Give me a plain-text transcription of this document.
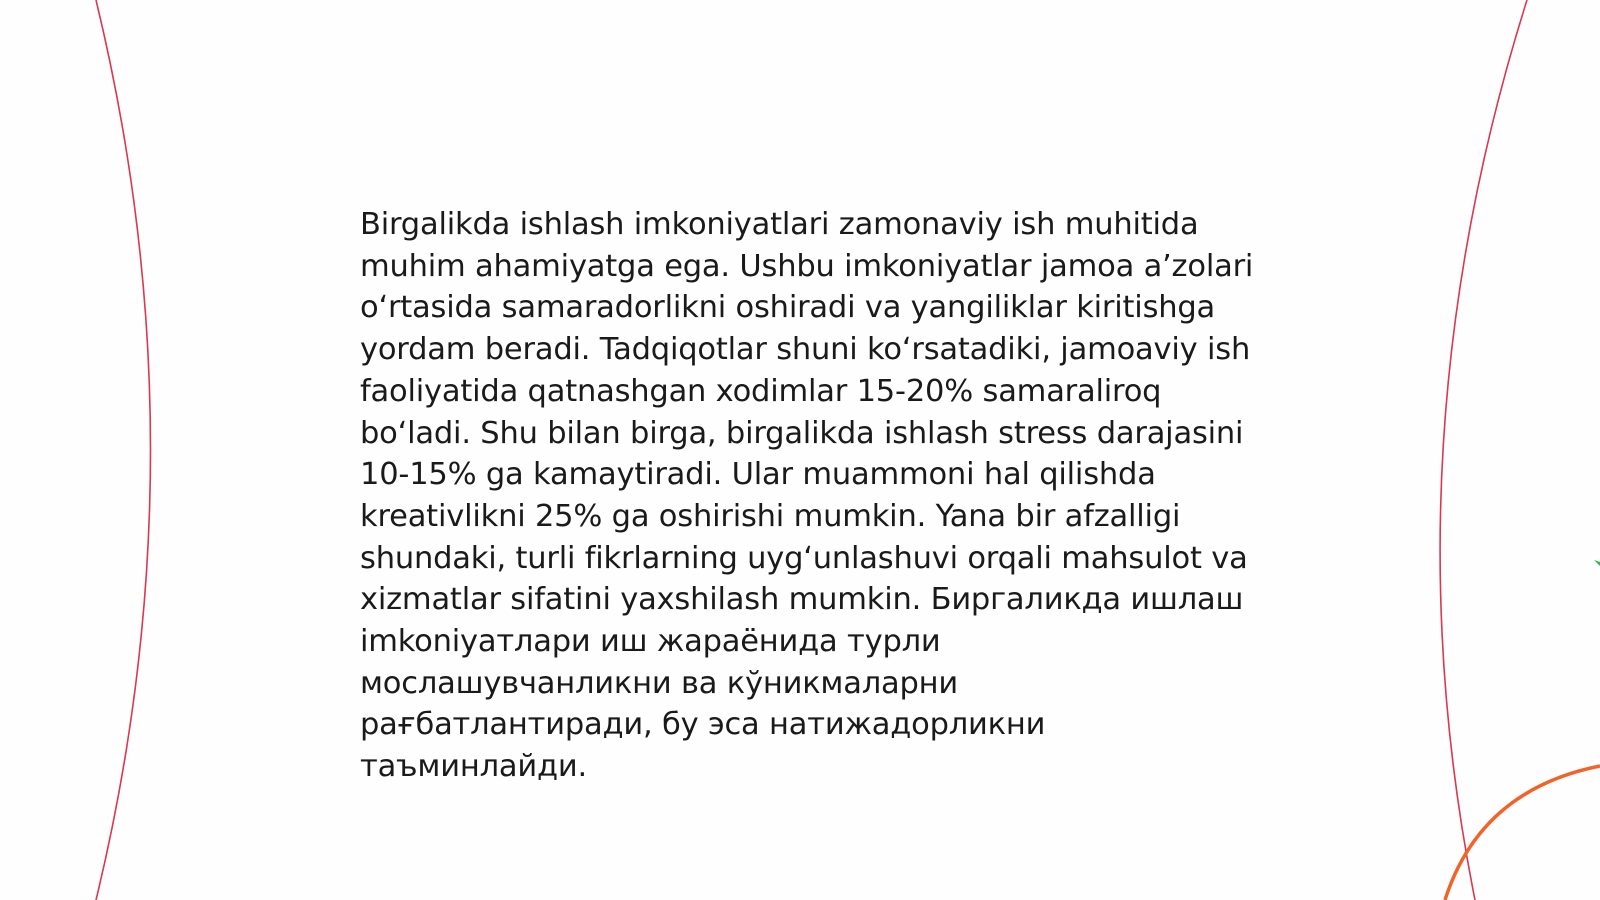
Birgalikda ishlash imkoniyatlari zamonaviy ish muhitida muhim ahamiyatga ega. Ushbu imkoniyatlar jamoa a’zolari o‘rtasida samaradorlikni oshiradi va yangiliklar kiritishga yordam beradi. Tadqiqotlar shuni ko‘rsatadiki, jamoaviy ish faoliyatida qatnashgan xodimlar 15-20% samaraliroq bo‘ladi. Shu bilan birga, birgalikda ishlash stress darajasini 10-15% ga kamaytiradi. Ular muammoni hal qilishda kreativlikni 25% ga oshirishi mumkin. Yana bir afzalligi shundaki, turli fikrlarning uyg‘unlashuvi orqali mahsulot va xizmatlar sifatini yaxshilash mumkin. Биргаликда ишлаш imkoniyaтлари иш жараёнида турли мослашувчанликни ва кўникмаларни рағбатлантиради, бу эса натижадорликни таъминлайди.
